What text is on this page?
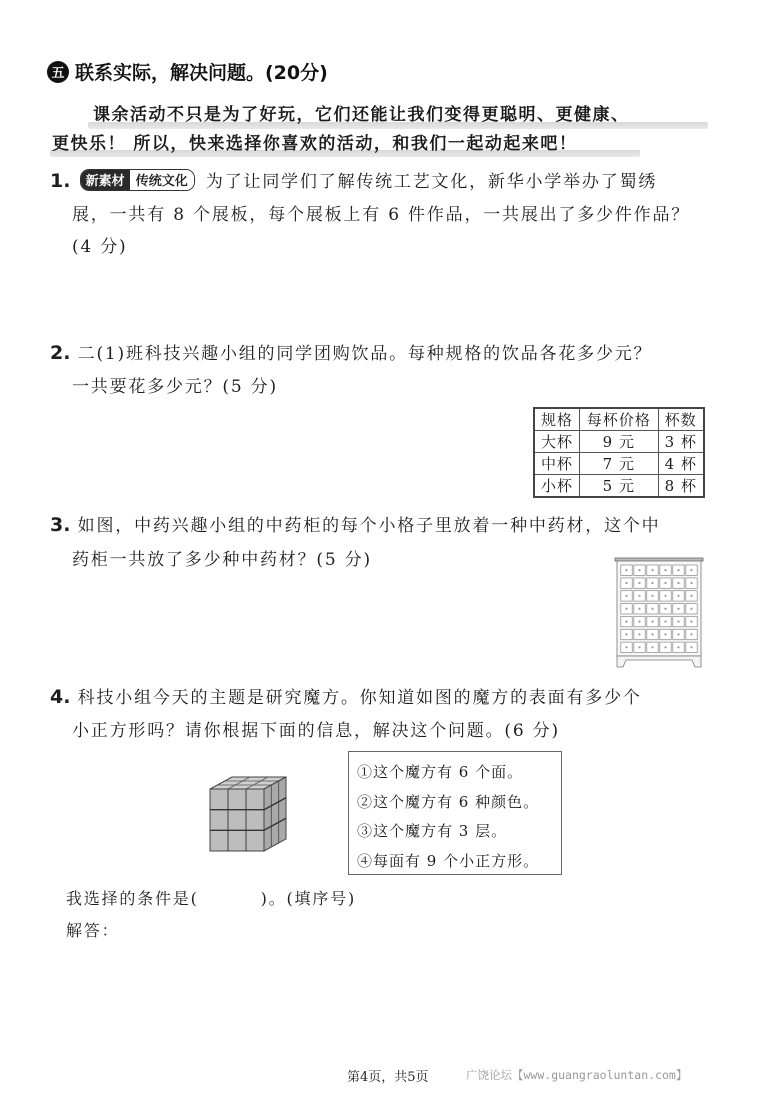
五 联系实际，解决问题。(20分)
课余活动不只是为了好玩，它们还能让我们变得更聪明、更健康、
更快乐！ 所以，快来选择你喜欢的活动，和我们一起动起来吧！
1.	新素材 传统文化	为了让同学们了解传统工艺文化，新华小学举办了蜀绣
展，一共有 8 个展板，每个展板上有 6 件作品，一共展出了多少件作品？
(4 分)
2. 二(1)班科技兴趣小组的同学团购饮品。每种规格的饮品各花多少元？
一共要花多少元？(5 分)
规格	每杯价格	杯数
大杯	9 元	3 杯
中杯	7 元	4 杯
小杯	5 元	8 杯
3. 如图，中药兴趣小组的中药柜的每个小格子里放着一种中药材，这个中
药柜一共放了多少种中药材？(5 分)
4. 科技小组今天的主题是研究魔方。你知道如图的魔方的表面有多少个
小正方形吗？请你根据下面的信息，解决这个问题。(6 分)
①这个魔方有 6 个面。
②这个魔方有 6 种颜色。
③这个魔方有 3 层。
④每面有 9 个小正方形。
我选择的条件是(	)。(填序号)
解答：
第4页，共5页	广饶论坛【www.guangraoluntan.com】
